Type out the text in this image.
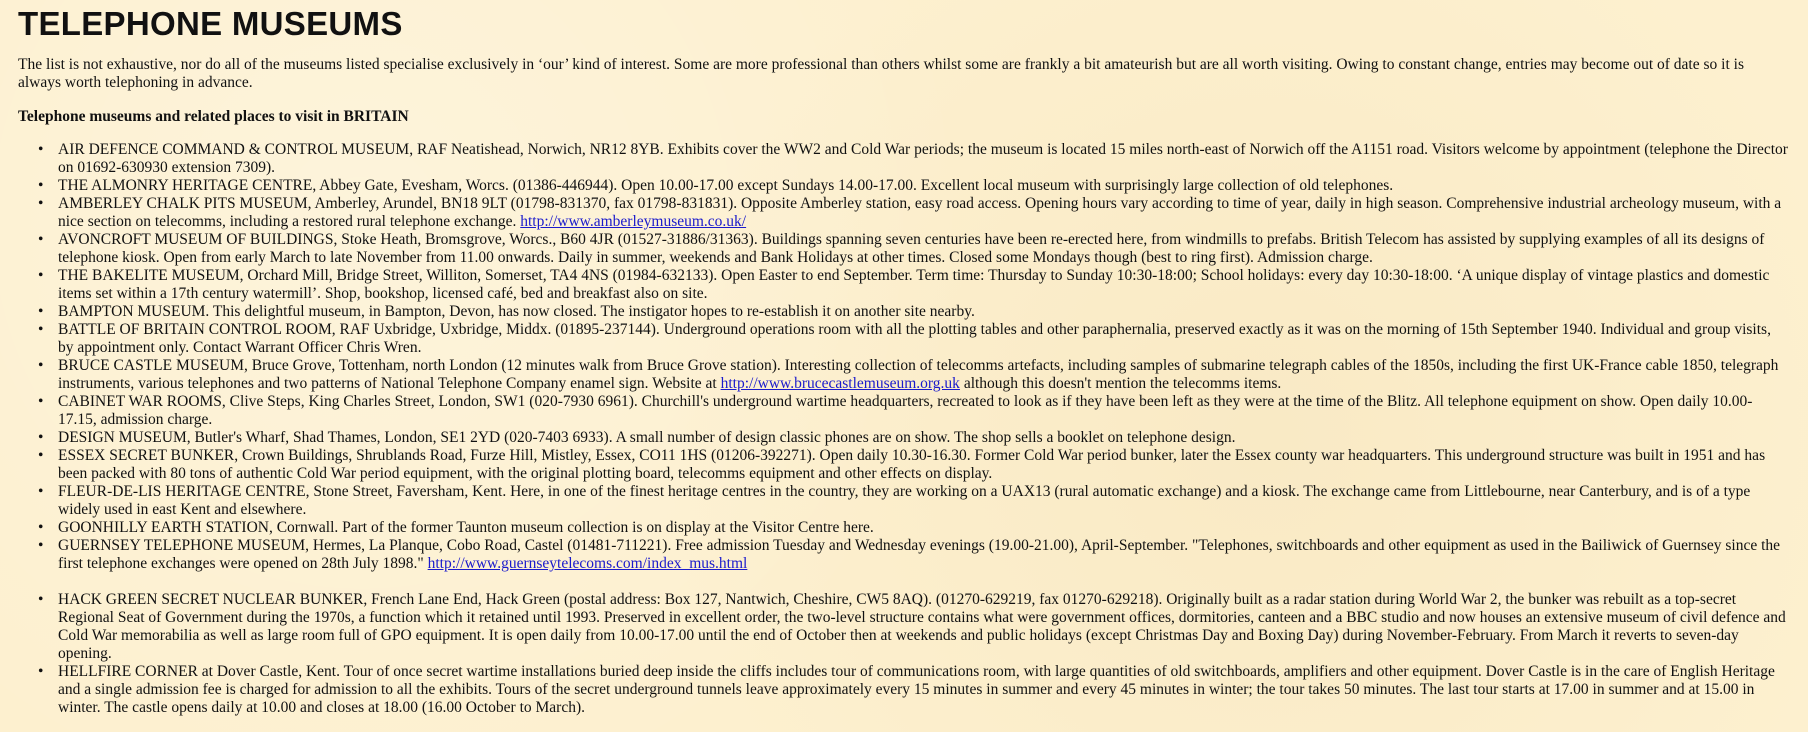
TELEPHONE MUSEUMS

The list is not exhaustive, nor do all of the museums listed specialise exclusively in ‘our’ kind of interest. Some are more professional than others whilst some are frankly a bit amateurish but are all worth visiting. Owing to constant change, entries may become out of date so it is always worth telephoning in advance.

Telephone museums and related places to visit in BRITAIN

• AIR DEFENCE COMMAND & CONTROL MUSEUM, RAF Neatishead, Norwich, NR12 8YB. Exhibits cover the WW2 and Cold War periods; the museum is located 15 miles north-east of Norwich off the A1151 road. Visitors welcome by appointment (telephone the Director on 01692-630930 extension 7309).
• THE ALMONRY HERITAGE CENTRE, Abbey Gate, Evesham, Worcs. (01386-446944). Open 10.00-17.00 except Sundays 14.00-17.00. Excellent local museum with surprisingly large collection of old telephones.
• AMBERLEY CHALK PITS MUSEUM, Amberley, Arundel, BN18 9LT (01798-831370, fax 01798-831831). Opposite Amberley station, easy road access. Opening hours vary according to time of year, daily in high season. Comprehensive industrial archeology museum, with a nice section on telecomms, including a restored rural telephone exchange. http://www.amberleymuseum.co.uk/
• AVONCROFT MUSEUM OF BUILDINGS, Stoke Heath, Bromsgrove, Worcs., B60 4JR (01527-31886/31363). Buildings spanning seven centuries have been re-erected here, from windmills to prefabs. British Telecom has assisted by supplying examples of all its designs of telephone kiosk. Open from early March to late November from 11.00 onwards. Daily in summer, weekends and Bank Holidays at other times. Closed some Mondays though (best to ring first). Admission charge.
• THE BAKELITE MUSEUM, Orchard Mill, Bridge Street, Williton, Somerset, TA4 4NS (01984-632133). Open Easter to end September. Term time: Thursday to Sunday 10:30-18:00; School holidays: every day 10:30-18:00. ‘A unique display of vintage plastics and domestic items set within a 17th century watermill’. Shop, bookshop, licensed café, bed and breakfast also on site.
• BAMPTON MUSEUM. This delightful museum, in Bampton, Devon, has now closed. The instigator hopes to re-establish it on another site nearby.
• BATTLE OF BRITAIN CONTROL ROOM, RAF Uxbridge, Uxbridge, Middx. (01895-237144). Underground operations room with all the plotting tables and other paraphernalia, preserved exactly as it was on the morning of 15th September 1940. Individual and group visits, by appointment only. Contact Warrant Officer Chris Wren.
• BRUCE CASTLE MUSEUM, Bruce Grove, Tottenham, north London (12 minutes walk from Bruce Grove station). Interesting collection of telecomms artefacts, including samples of submarine telegraph cables of the 1850s, including the first UK-France cable 1850, telegraph instruments, various telephones and two patterns of National Telephone Company enamel sign. Website at http://www.brucecastlemuseum.org.uk although this doesn't mention the telecomms items.
• CABINET WAR ROOMS, Clive Steps, King Charles Street, London, SW1 (020-7930 6961). Churchill's underground wartime headquarters, recreated to look as if they have been left as they were at the time of the Blitz. All telephone equipment on show. Open daily 10.00-17.15, admission charge.
• DESIGN MUSEUM, Butler's Wharf, Shad Thames, London, SE1 2YD (020-7403 6933). A small number of design classic phones are on show. The shop sells a booklet on telephone design.
• ESSEX SECRET BUNKER, Crown Buildings, Shrublands Road, Furze Hill, Mistley, Essex, CO11 1HS (01206-392271). Open daily 10.30-16.30. Former Cold War period bunker, later the Essex county war headquarters. This underground structure was built in 1951 and has been packed with 80 tons of authentic Cold War period equipment, with the original plotting board, telecomms equipment and other effects on display.
• FLEUR-DE-LIS HERITAGE CENTRE, Stone Street, Faversham, Kent. Here, in one of the finest heritage centres in the country, they are working on a UAX13 (rural automatic exchange) and a kiosk. The exchange came from Littlebourne, near Canterbury, and is of a type widely used in east Kent and elsewhere.
• GOONHILLY EARTH STATION, Cornwall. Part of the former Taunton museum collection is on display at the Visitor Centre here.
• GUERNSEY TELEPHONE MUSEUM, Hermes, La Planque, Cobo Road, Castel (01481-711221). Free admission Tuesday and Wednesday evenings (19.00-21.00), April-September. "Telephones, switchboards and other equipment as used in the Bailiwick of Guernsey since the first telephone exchanges were opened on 28th July 1898." http://www.guernseytelecoms.com/index_mus.html
• HACK GREEN SECRET NUCLEAR BUNKER, French Lane End, Hack Green (postal address: Box 127, Nantwich, Cheshire, CW5 8AQ). (01270-629219, fax 01270-629218). Originally built as a radar station during World War 2, the bunker was rebuilt as a top-secret Regional Seat of Government during the 1970s, a function which it retained until 1993. Preserved in excellent order, the two-level structure contains what were government offices, dormitories, canteen and a BBC studio and now houses an extensive museum of civil defence and Cold War memorabilia as well as large room full of GPO equipment. It is open daily from 10.00-17.00 until the end of October then at weekends and public holidays (except Christmas Day and Boxing Day) during November-February. From March it reverts to seven-day opening.
• HELLFIRE CORNER at Dover Castle, Kent. Tour of once secret wartime installations buried deep inside the cliffs includes tour of communications room, with large quantities of old switchboards, amplifiers and other equipment. Dover Castle is in the care of English Heritage and a single admission fee is charged for admission to all the exhibits. Tours of the secret underground tunnels leave approximately every 15 minutes in summer and every 45 minutes in winter; the tour takes 50 minutes. The last tour starts at 17.00 in summer and at 15.00 in winter. The castle opens daily at 10.00 and closes at 18.00 (16.00 October to March).
